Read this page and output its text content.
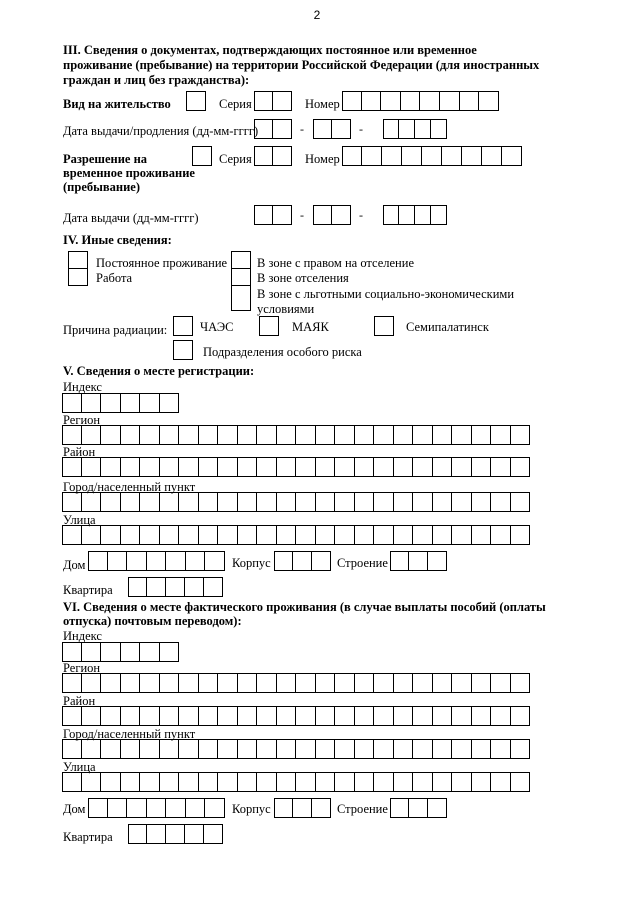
2
III. Сведения о документах, подтверждающих постоянное или временное
проживание (пребывание) на территории Российской Федерации (для иностранных
граждан и лиц без гражданства):
Вид на жительство	Серия	Номер
Дата выдачи/продления (дд-мм-гггг)	-	-
Разрешение на
временное проживание
(пребывание)
Серия	Номер
Дата выдачи (дд-мм-гггг)	-	-
IV. Иные сведения:
Постоянное проживание
Работа
В зоне с правом на отселение
В зоне отселения
В зоне с льготными социально-экономическими
условиями
Причина радиации:	ЧАЭС	МАЯК	Семипалатинск
Подразделения особого риска
V. Сведения о месте регистрации:
Индекс
Регион
Район
Город/населенный пункт
Улица
Дом	Корпус	Строение
Квартира
VI. Сведения о месте фактического проживания (в случае выплаты пособий (оплаты
отпуска) почтовым переводом):
Индекс
Регион
Район
Город/населенный пункт
Улица
Дом	Корпус	Строение
Квартира
